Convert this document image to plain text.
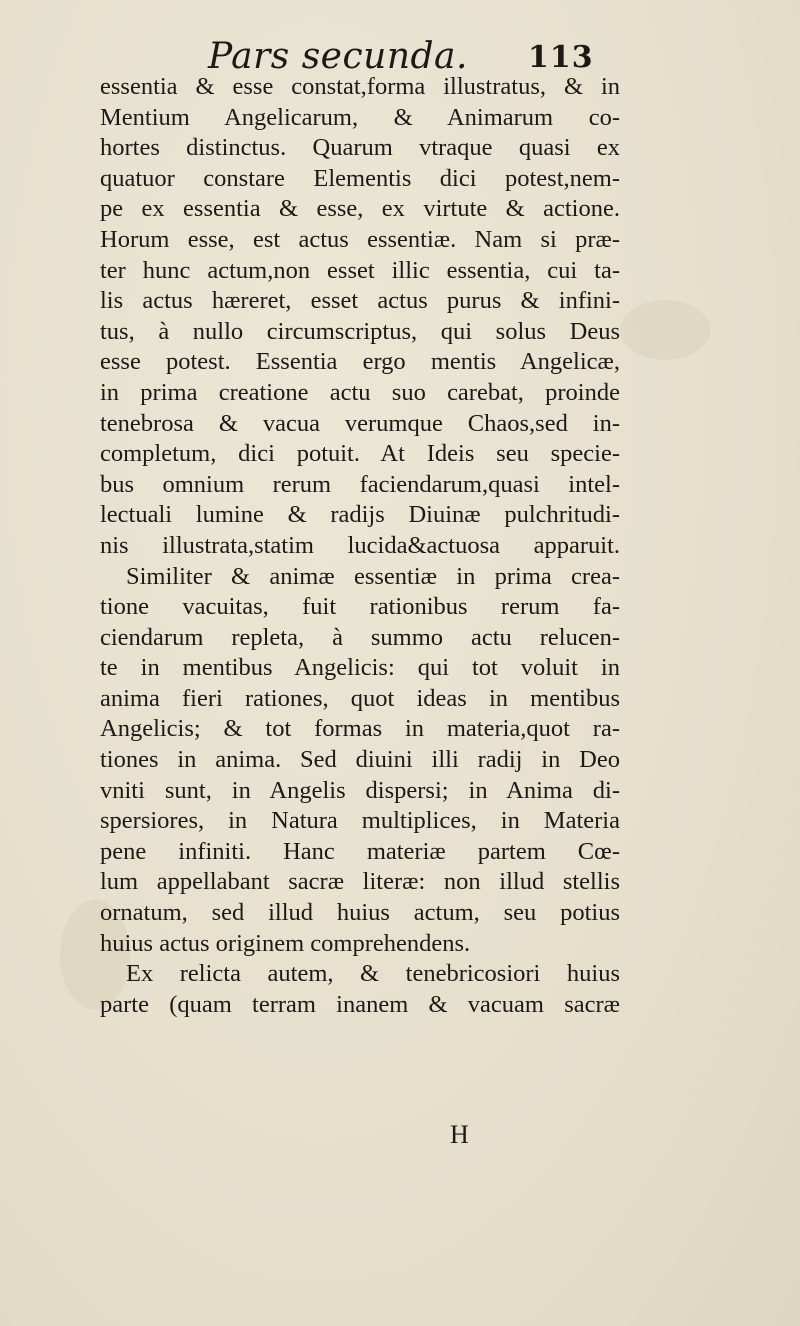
Pars secunda. 113
essentia & esse constat,forma illustratus, & in
Mentium Angelicarum, & Animarum co-
hortes distinctus. Quarum vtraque quasi ex
quatuor constare Elementis dici potest,nem-
pe ex essentia & esse, ex virtute & actione.
Horum esse, est actus essentiæ. Nam si præ-
ter hunc actum,non esset illic essentia, cui ta-
lis actus hæreret, esset actus purus & infini-
tus, à nullo circumscriptus, qui solus Deus
esse potest. Essentia ergo mentis Angelicæ,
in prima creatione actu suo carebat, proinde
tenebrosa & vacua verumque Chaos,sed in-
completum, dici potuit. At Ideis seu specie-
bus omnium rerum faciendarum,quasi intel-
lectuali lumine & radijs Diuinæ pulchritudi-
nis illustrata,statim lucida&actuosa apparuit.
Similiter & animæ essentiæ in prima crea-
tione vacuitas, fuit rationibus rerum fa-
ciendarum repleta, à summo actu relucen-
te in mentibus Angelicis: qui tot voluit in
anima fieri rationes, quot ideas in mentibus
Angelicis; & tot formas in materia,quot ra-
tiones in anima. Sed diuini illi radij in Deo
vniti sunt, in Angelis dispersi; in Anima di-
spersiores, in Natura multiplices, in Materia
pene infiniti. Hanc materiæ partem Cœ-
lum appellabant sacræ literæ: non illud stellis
ornatum, sed illud huius actum, seu potius
huius actus originem comprehendens.
Ex relicta autem, & tenebricosiori huius
parte (quam terram inanem & vacuam sacræ
H
